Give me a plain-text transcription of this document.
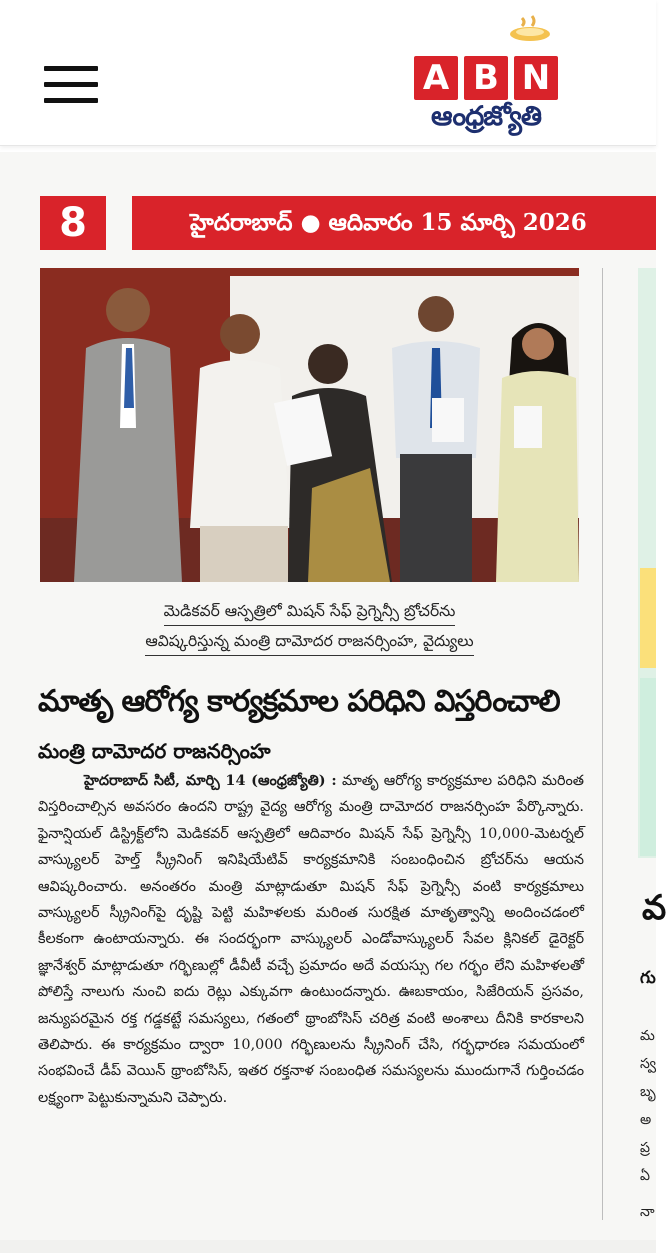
A B N
ఆంధ్రజ్యోతి
8	హైదరాబాద్ ● ఆదివారం 15 మార్చి 2026
మెడికవర్ ఆస్పత్రిలో మిషన్ సేఫ్ ప్రెగ్నెన్సీ బ్రోచర్‌ను
ఆవిష్కరిస్తున్న మంత్రి దామోదర రాజనర్సింహ, వైద్యులు
మాతృ ఆరోగ్య కార్యక్రమాల పరిధిని విస్తరించాలి
మంత్రి దామోదర రాజనర్సింహ

హైదరాబాద్ సిటీ, మార్చి 14 (ఆంధ్రజ్యోతి) : మాతృ ఆరోగ్య కార్యక్రమాల పరిధిని మరింత విస్తరించాల్సిన అవసరం ఉందని రాష్ట్ర వైద్య ఆరోగ్య మంత్రి దామోదర రాజనర్సింహ పేర్కొన్నారు. ఫైనాన్షియల్ డిస్ట్రిక్ట్‌లోని మెడికవర్ ఆస్పత్రిలో ఆదివారం మిషన్ సేఫ్ ప్రెగ్నెన్సీ 10,000-మెటర్నల్ వాస్క్యులర్ హెల్త్ స్క్రీనింగ్ ఇనిషియేటివ్ కార్యక్రమానికి సంబంధించిన బ్రోచర్‌ను ఆయన ఆవిష్కరించారు. అనంతరం మంత్రి మాట్లాడుతూ మిషన్ సేఫ్ ప్రెగ్నెన్సీ వంటి కార్యక్రమాలు వాస్క్యులర్ స్క్రీనింగ్‌పై దృష్టి పెట్టి మహిళలకు మరింత సురక్షిత మాతృత్వాన్ని అందించడంలో కీలకంగా ఉంటాయన్నారు. ఈ సందర్భంగా వాస్క్యులర్ ఎండోవాస్క్యులర్ సేవల క్లినికల్ డైరెక్టర్ జ్ఞానేశ్వర్ మాట్లాడుతూ గర్భిణుల్లో డీవీటీ వచ్చే ప్రమాదం అదే వయస్సు గల గర్భం లేని మహిళలతో పోలిస్తే నాలుగు నుంచి ఐదు రెట్లు ఎక్కువగా ఉంటుందన్నారు. ఊబకాయం, సిజేరియన్ ప్రసవం, జన్యుపరమైన రక్త గడ్డకట్టే సమస్యలు, గతంలో థ్రాంబోసిస్ చరిత్ర వంటి అంశాలు దీనికి కారకాలని తెలిపారు. ఈ కార్యక్రమం ద్వారా 10,000 గర్భిణులను స్క్రీనింగ్ చేసి, గర్భధారణ సమయంలో సంభవించే డీప్ వెయిన్ థ్రాంబోసిస్, ఇతర రక్తనాళ సంబంధిత సమస్యలను ముందుగానే గుర్తించడం లక్ష్యంగా పెట్టుకున్నామని చెప్పారు.

వ
గు
మ
స్వ
బృ
అ
ప్ర
ఏ
నా
